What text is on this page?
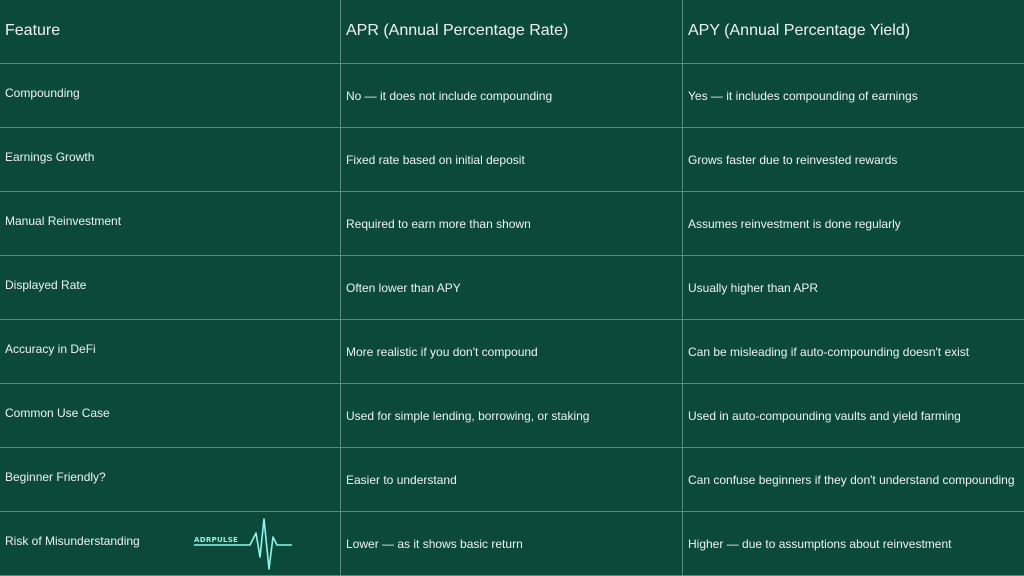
Feature	APR (Annual Percentage Rate)	APY (Annual Percentage Yield)
Compounding	No — it does not include compounding	Yes — it includes compounding of earnings
Earnings Growth	Fixed rate based on initial deposit	Grows faster due to reinvested rewards
Manual Reinvestment	Required to earn more than shown	Assumes reinvestment is done regularly
Displayed Rate	Often lower than APY	Usually higher than APR
Accuracy in DeFi	More realistic if you don't compound	Can be misleading if auto-compounding doesn't exist
Common Use Case	Used for simple lending, borrowing, or staking	Used in auto-compounding vaults and yield farming
Beginner Friendly?	Easier to understand	Can confuse beginners if they don't understand compounding
Risk of Misunderstanding	Lower — as it shows basic return	Higher — due to assumptions about reinvestment
ADRPULSE
